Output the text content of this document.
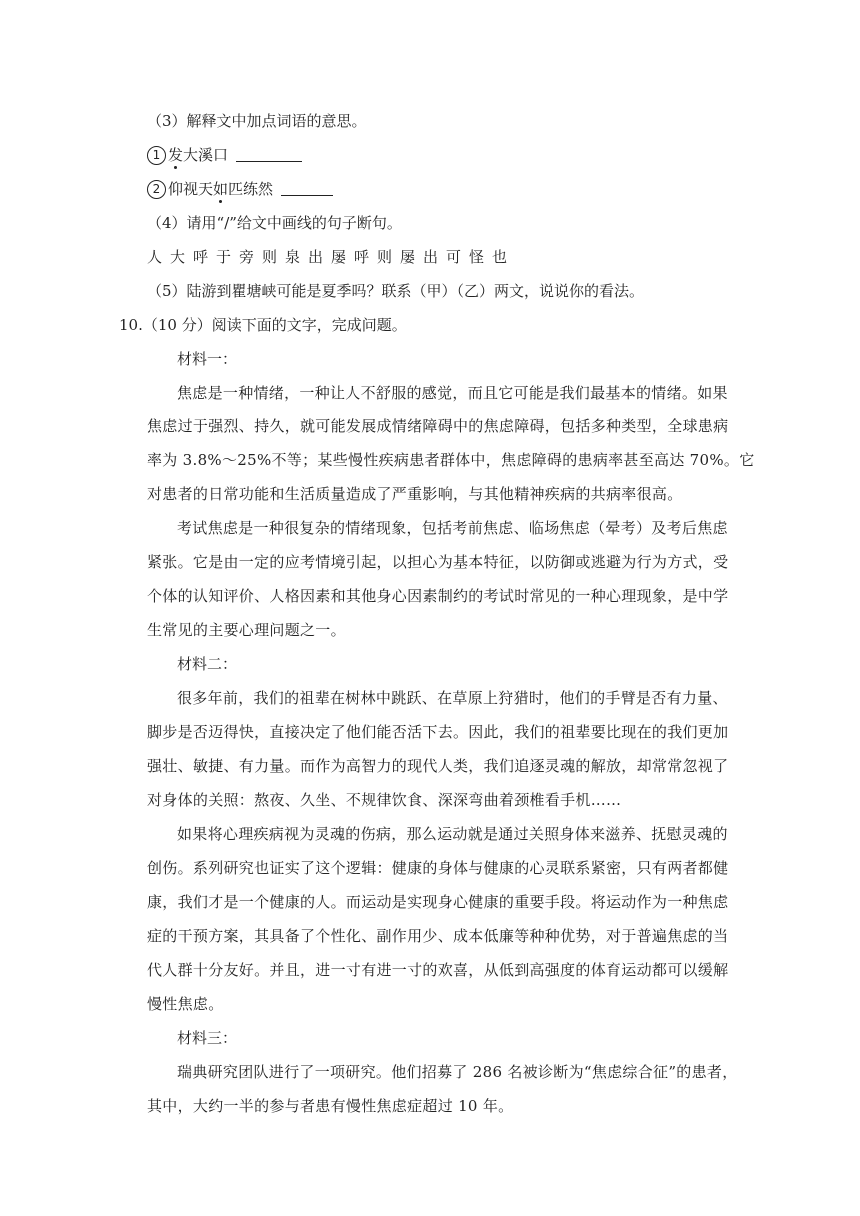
（3）解释文中加点词语的意思。
1 发大溪口
2 仰视天如匹练然
（4）请用“/”给文中画线的句子断句。
人大呼于旁则泉出屡呼则屡出可怪也
（5）陆游到瞿塘峡可能是夏季吗？联系（甲）（乙）两文，说说你的看法。
10.（10 分）阅读下面的文字，完成问题。
材料一：
焦虑是一种情绪，一种让人不舒服的感觉，而且它可能是我们最基本的情绪。如果
焦虑过于强烈、持久，就可能发展成情绪障碍中的焦虑障碍，包括多种类型，全球患病
率为 3.8%～25%不等；某些慢性疾病患者群体中，焦虑障碍的患病率甚至高达 70%。它
对患者的日常功能和生活质量造成了严重影响，与其他精神疾病的共病率很高。
考试焦虑是一种很复杂的情绪现象，包括考前焦虑、临场焦虑（晕考）及考后焦虑
紧张。它是由一定的应考情境引起，以担心为基本特征，以防御或逃避为行为方式，受
个体的认知评价、人格因素和其他身心因素制约的考试时常见的一种心理现象，是中学
生常见的主要心理问题之一。
材料二：
很多年前，我们的祖辈在树林中跳跃、在草原上狩猎时，他们的手臂是否有力量、
脚步是否迈得快，直接决定了他们能否活下去。因此，我们的祖辈要比现在的我们更加
强壮、敏捷、有力量。而作为高智力的现代人类，我们追逐灵魂的解放，却常常忽视了
对身体的关照：熬夜、久坐、不规律饮食、深深弯曲着颈椎看手机……
如果将心理疾病视为灵魂的伤病，那么运动就是通过关照身体来滋养、抚慰灵魂的
创伤。系列研究也证实了这个逻辑：健康的身体与健康的心灵联系紧密，只有两者都健
康，我们才是一个健康的人。而运动是实现身心健康的重要手段。将运动作为一种焦虑
症的干预方案，其具备了个性化、副作用少、成本低廉等种种优势，对于普遍焦虑的当
代人群十分友好。并且，进一寸有进一寸的欢喜，从低到高强度的体育运动都可以缓解
慢性焦虑。
材料三：
瑞典研究团队进行了一项研究。他们招募了 286 名被诊断为“焦虑综合征”的患者，
其中，大约一半的参与者患有慢性焦虑症超过 10 年。
